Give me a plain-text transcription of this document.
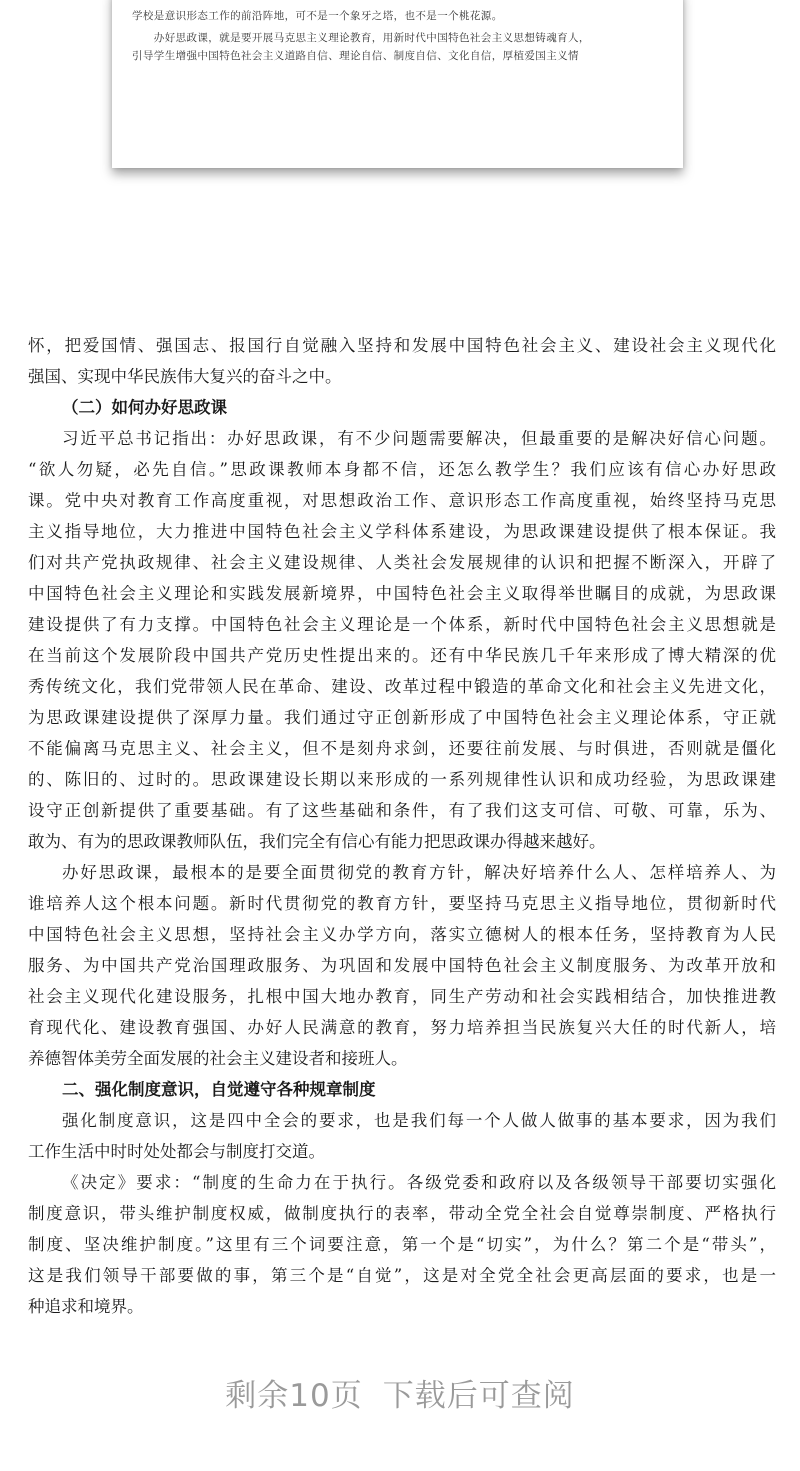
学校是意识形态工作的前沿阵地，可不是一个象牙之塔，也不是一个桃花源。
　　办好思政课，就是要开展马克思主义理论教育，用新时代中国特色社会主义思想铸魂育人，
引导学生增强中国特色社会主义道路自信、理论自信、制度自信、文化自信，厚植爱国主义情
怀，把爱国情、强国志、报国行自觉融入坚持和发展中国特色社会主义、建设社会主义现代化
强国、实现中华民族伟大复兴的奋斗之中。
（二）如何办好思政课
习近平总书记指出：办好思政课，有不少问题需要解决，但最重要的是解决好信心问题。
“欲人勿疑，必先自信。”思政课教师本身都不信，还怎么教学生？我们应该有信心办好思政
课。党中央对教育工作高度重视，对思想政治工作、意识形态工作高度重视，始终坚持马克思
主义指导地位，大力推进中国特色社会主义学科体系建设，为思政课建设提供了根本保证。我
们对共产党执政规律、社会主义建设规律、人类社会发展规律的认识和把握不断深入，开辟了
中国特色社会主义理论和实践发展新境界，中国特色社会主义取得举世瞩目的成就，为思政课
建设提供了有力支撑。中国特色社会主义理论是一个体系，新时代中国特色社会主义思想就是
在当前这个发展阶段中国共产党历史性提出来的。还有中华民族几千年来形成了博大精深的优
秀传统文化，我们党带领人民在革命、建设、改革过程中锻造的革命文化和社会主义先进文化，
为思政课建设提供了深厚力量。我们通过守正创新形成了中国特色社会主义理论体系，守正就
不能偏离马克思主义、社会主义，但不是刻舟求剑，还要往前发展、与时俱进，否则就是僵化
的、陈旧的、过时的。思政课建设长期以来形成的一系列规律性认识和成功经验，为思政课建
设守正创新提供了重要基础。有了这些基础和条件，有了我们这支可信、可敬、可靠，乐为、
敢为、有为的思政课教师队伍，我们完全有信心有能力把思政课办得越来越好。
办好思政课，最根本的是要全面贯彻党的教育方针，解决好培养什么人、怎样培养人、为
谁培养人这个根本问题。新时代贯彻党的教育方针，要坚持马克思主义指导地位，贯彻新时代
中国特色社会主义思想，坚持社会主义办学方向，落实立德树人的根本任务，坚持教育为人民
服务、为中国共产党治国理政服务、为巩固和发展中国特色社会主义制度服务、为改革开放和
社会主义现代化建设服务，扎根中国大地办教育，同生产劳动和社会实践相结合，加快推进教
育现代化、建设教育强国、办好人民满意的教育，努力培养担当民族复兴大任的时代新人，培
养德智体美劳全面发展的社会主义建设者和接班人。
二、强化制度意识，自觉遵守各种规章制度
强化制度意识，这是四中全会的要求，也是我们每一个人做人做事的基本要求，因为我们
工作生活中时时处处都会与制度打交道。
《决定》要求：“制度的生命力在于执行。各级党委和政府以及各级领导干部要切实强化
制度意识，带头维护制度权威，做制度执行的表率，带动全党全社会自觉尊崇制度、严格执行
制度、坚决维护制度。”这里有三个词要注意，第一个是“切实”，为什么？第二个是“带头”，
这是我们领导干部要做的事，第三个是“自觉”，这是对全党全社会更高层面的要求，也是一
种追求和境界。
剩余10页 下载后可查阅
